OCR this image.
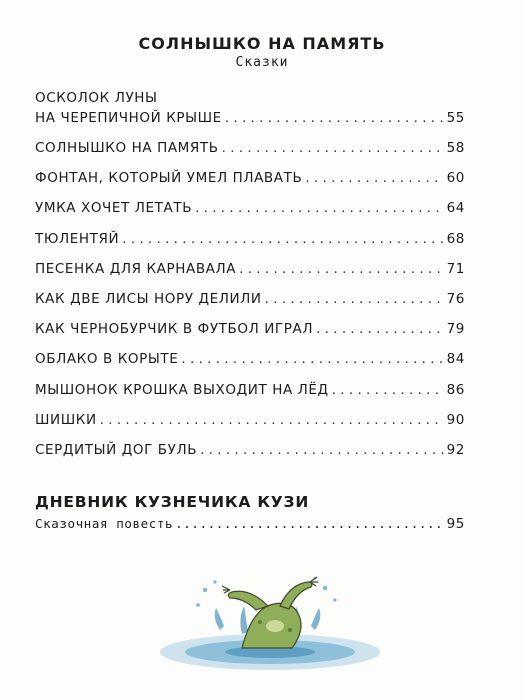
СОЛНЫШКО НА ПАМЯТЬ
Сказки
ОСКОЛОК ЛУНЫ
НА ЧЕРЕПИЧНОЙ КРЫШЕ . . .	55
СОЛНЫШКО НА ПАМЯТЬ . . .	58
ФОНТАН, КОТОРЫЙ УМЕЛ ПЛАВАТЬ . . .	60
УМКА ХОЧЕТ ЛЕТАТЬ . . .	64
ТЮЛЕНТЯЙ . . .	68
ПЕСЕНКА ДЛЯ КАРНАВАЛА . . .	71
КАК ДВЕ ЛИСЫ НОРУ ДЕЛИЛИ . . .	76
КАК ЧЕРНОБУРЧИК В ФУТБОЛ ИГРАЛ . . .	79
ОБЛАКО В КОРЫТЕ . . .	84
МЫШОНОК КРОШКА ВЫХОДИТ НА ЛЁД . . .	86
ШИШКИ . . .	90
СЕРДИТЫЙ ДОГ БУЛЬ . . .	92
ДНЕВНИК КУЗНЕЧИКА КУЗИ
Сказочная повесть .....	95
